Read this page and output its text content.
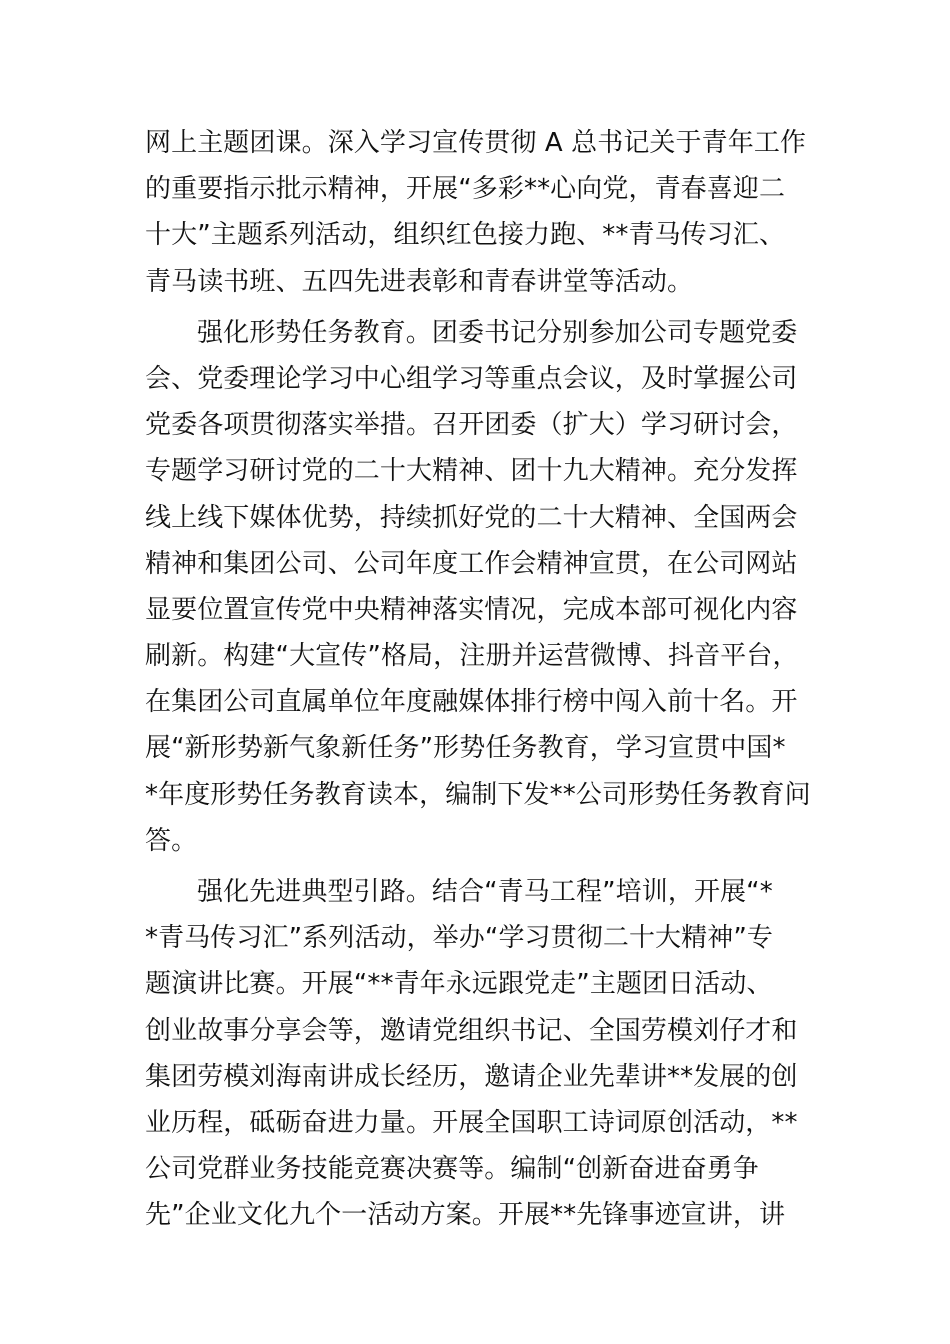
网上主题团课。深入学习宣传贯彻 A 总书记关于青年工作
的重要指示批示精神，开展“多彩**心向党，青春喜迎二
十大”主题系列活动，组织红色接力跑、**青马传习汇、
青马读书班、五四先进表彰和青春讲堂等活动。
强化形势任务教育。团委书记分别参加公司专题党委
会、党委理论学习中心组学习等重点会议，及时掌握公司
党委各项贯彻落实举措。召开团委（扩大）学习研讨会，
专题学习研讨党的二十大精神、团十九大精神。充分发挥
线上线下媒体优势，持续抓好党的二十大精神、全国两会
精神和集团公司、公司年度工作会精神宣贯，在公司网站
显要位置宣传党中央精神落实情况，完成本部可视化内容
刷新。构建“大宣传”格局，注册并运营微博、抖音平台，
在集团公司直属单位年度融媒体排行榜中闯入前十名。开
展“新形势新气象新任务”形势任务教育，学习宣贯中国*
*年度形势任务教育读本，编制下发**公司形势任务教育问
答。
强化先进典型引路。结合“青马工程”培训，开展“*
*青马传习汇”系列活动，举办“学习贯彻二十大精神”专
题演讲比赛。开展“**青年永远跟党走”主题团日活动、
创业故事分享会等，邀请党组织书记、全国劳模刘仔才和
集团劳模刘海南讲成长经历，邀请企业先辈讲**发展的创
业历程，砥砺奋进力量。开展全国职工诗词原创活动，**
公司党群业务技能竞赛决赛等。编制“创新奋进奋勇争
先”企业文化九个一活动方案。开展**先锋事迹宣讲，讲
